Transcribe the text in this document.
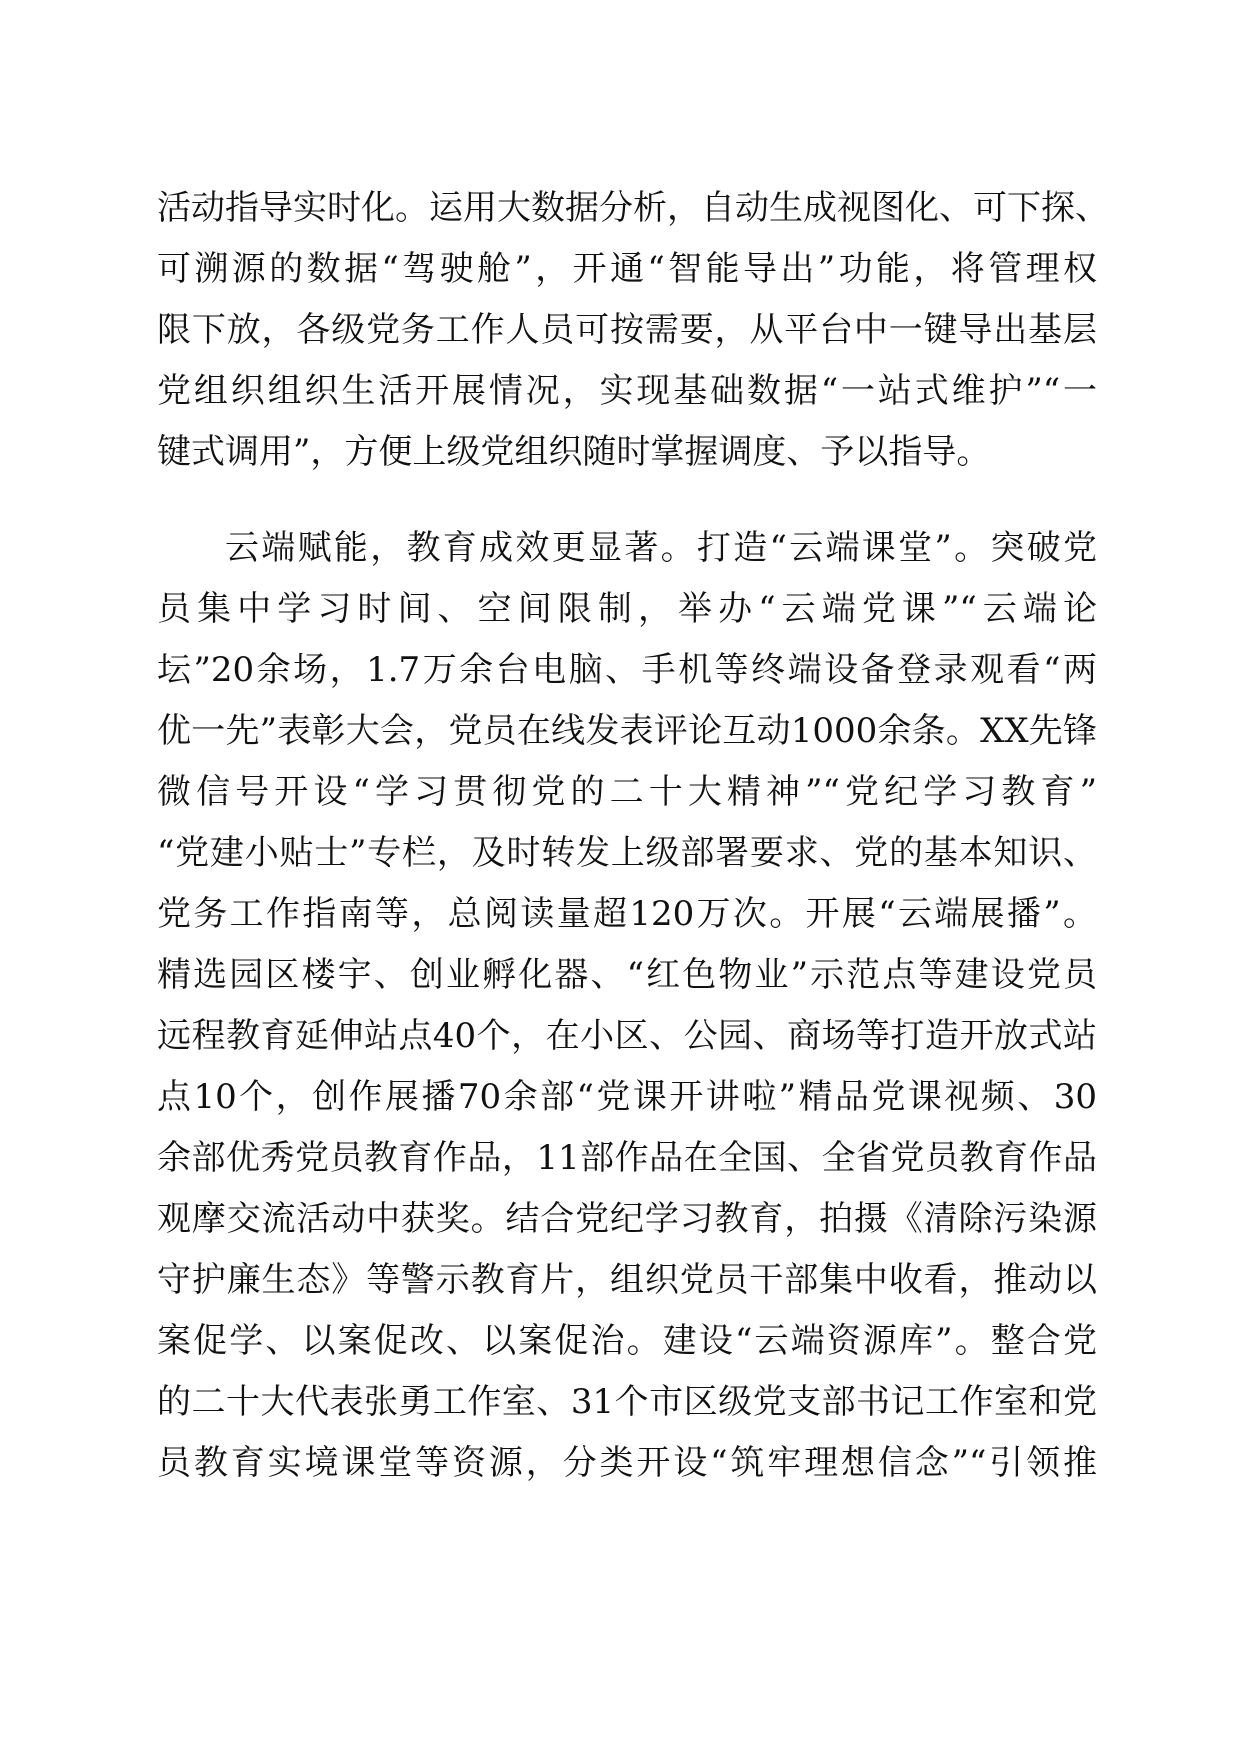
活动指导实时化。运用大数据分析，自动生成视图化、可下探、
可溯源的数据“驾驶舱”，开通“智能导出”功能，将管理权
限下放，各级党务工作人员可按需要，从平台中一键导出基层
党组织组织生活开展情况，实现基础数据“一站式维护”“一
键式调用”，方便上级党组织随时掌握调度、予以指导。
云端赋能，教育成效更显著。打造“云端课堂”。突破党
员集中学习时间、空间限制，举办“云端党课”“云端论
坛”20余场，1.7万余台电脑、手机等终端设备登录观看“两
优一先”表彰大会，党员在线发表评论互动1000余条。XX先锋
微信号开设“学习贯彻党的二十大精神”“党纪学习教育”
“党建小贴士”专栏，及时转发上级部署要求、党的基本知识、
党务工作指南等，总阅读量超120万次。开展“云端展播”。
精选园区楼宇、创业孵化器、“红色物业”示范点等建设党员
远程教育延伸站点40个，在小区、公园、商场等打造开放式站
点10个，创作展播70余部“党课开讲啦”精品党课视频、30
余部优秀党员教育作品，11部作品在全国、全省党员教育作品
观摩交流活动中获奖。结合党纪学习教育，拍摄《清除污染源
守护廉生态》等警示教育片，组织党员干部集中收看，推动以
案促学、以案促改、以案促治。建设“云端资源库”。整合党
的二十大代表张勇工作室、31个市区级党支部书记工作室和党
员教育实境课堂等资源，分类开设“筑牢理想信念”“引领推
